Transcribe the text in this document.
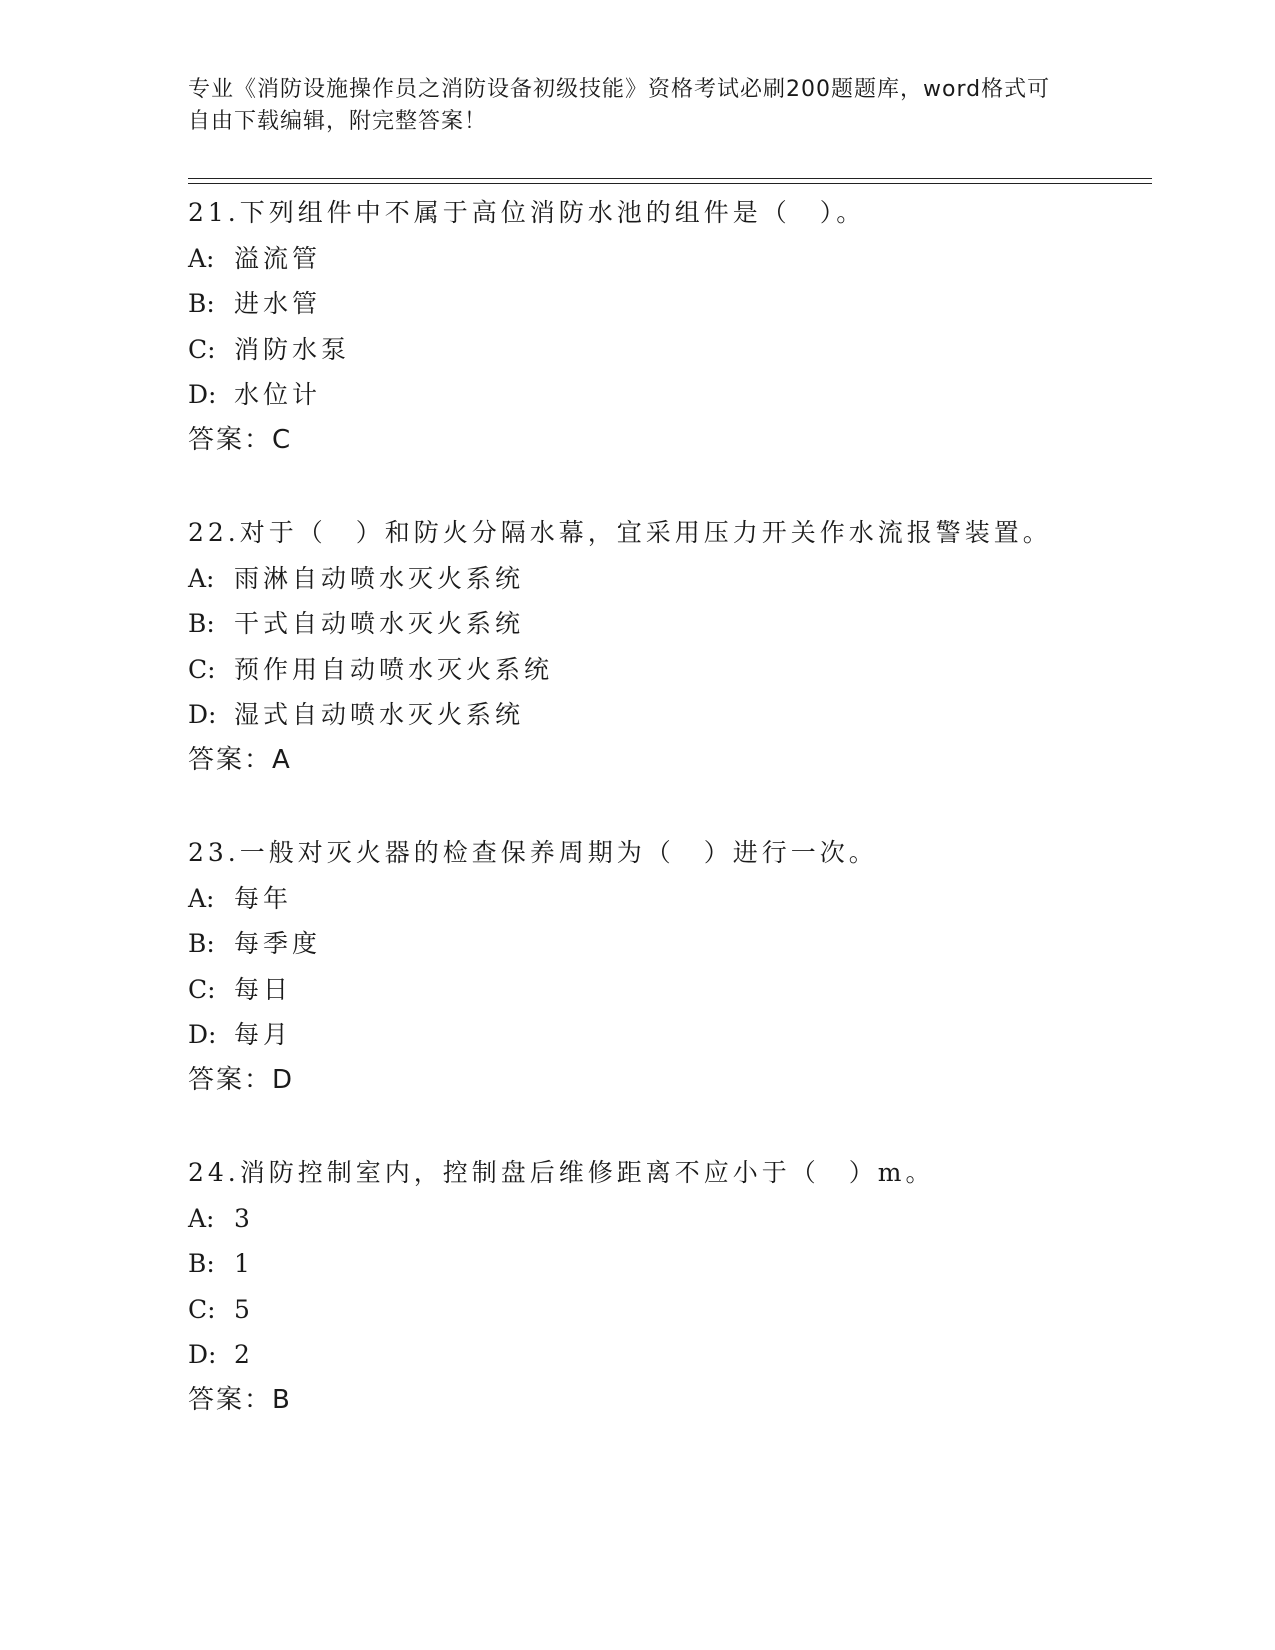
专业《消防设施操作员之消防设备初级技能》资格考试必刷200题题库，word格式可自由下载编辑，附完整答案！
21.下列组件中不属于高位消防水池的组件是（　）。
A: 溢流管
B: 进水管
C: 消防水泵
D: 水位计
答案：C
22.对于（　）和防火分隔水幕，宜采用压力开关作水流报警装置。
A: 雨淋自动喷水灭火系统
B: 干式自动喷水灭火系统
C: 预作用自动喷水灭火系统
D: 湿式自动喷水灭火系统
答案：A
23.一般对灭火器的检查保养周期为（　）进行一次。
A: 每年
B: 每季度
C: 每日
D: 每月
答案：D
24.消防控制室内，控制盘后维修距离不应小于（　）m。
A: 3
B: 1
C: 5
D: 2
答案：B
